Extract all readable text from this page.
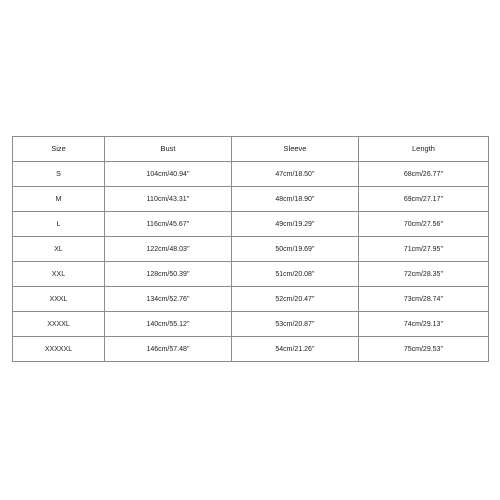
Size	Bust	Sleeve	Length
S	104cm/40.94''	47cm/18.50''	68cm/26.77''
M	110cm/43.31''	48cm/18.90''	69cm/27.17''
L	116cm/45.67''	49cm/19.29''	70cm/27.56''
XL	122cm/48.03''	50cm/19.69''	71cm/27.95''
XXL	128cm/50.39''	51cm/20.08''	72cm/28.35''
XXXL	134cm/52.76''	52cm/20.47''	73cm/28.74''
XXXXL	140cm/55.12''	53cm/20.87''	74cm/29.13''
XXXXXL	146cm/57.48''	54cm/21.26''	75cm/29.53''
